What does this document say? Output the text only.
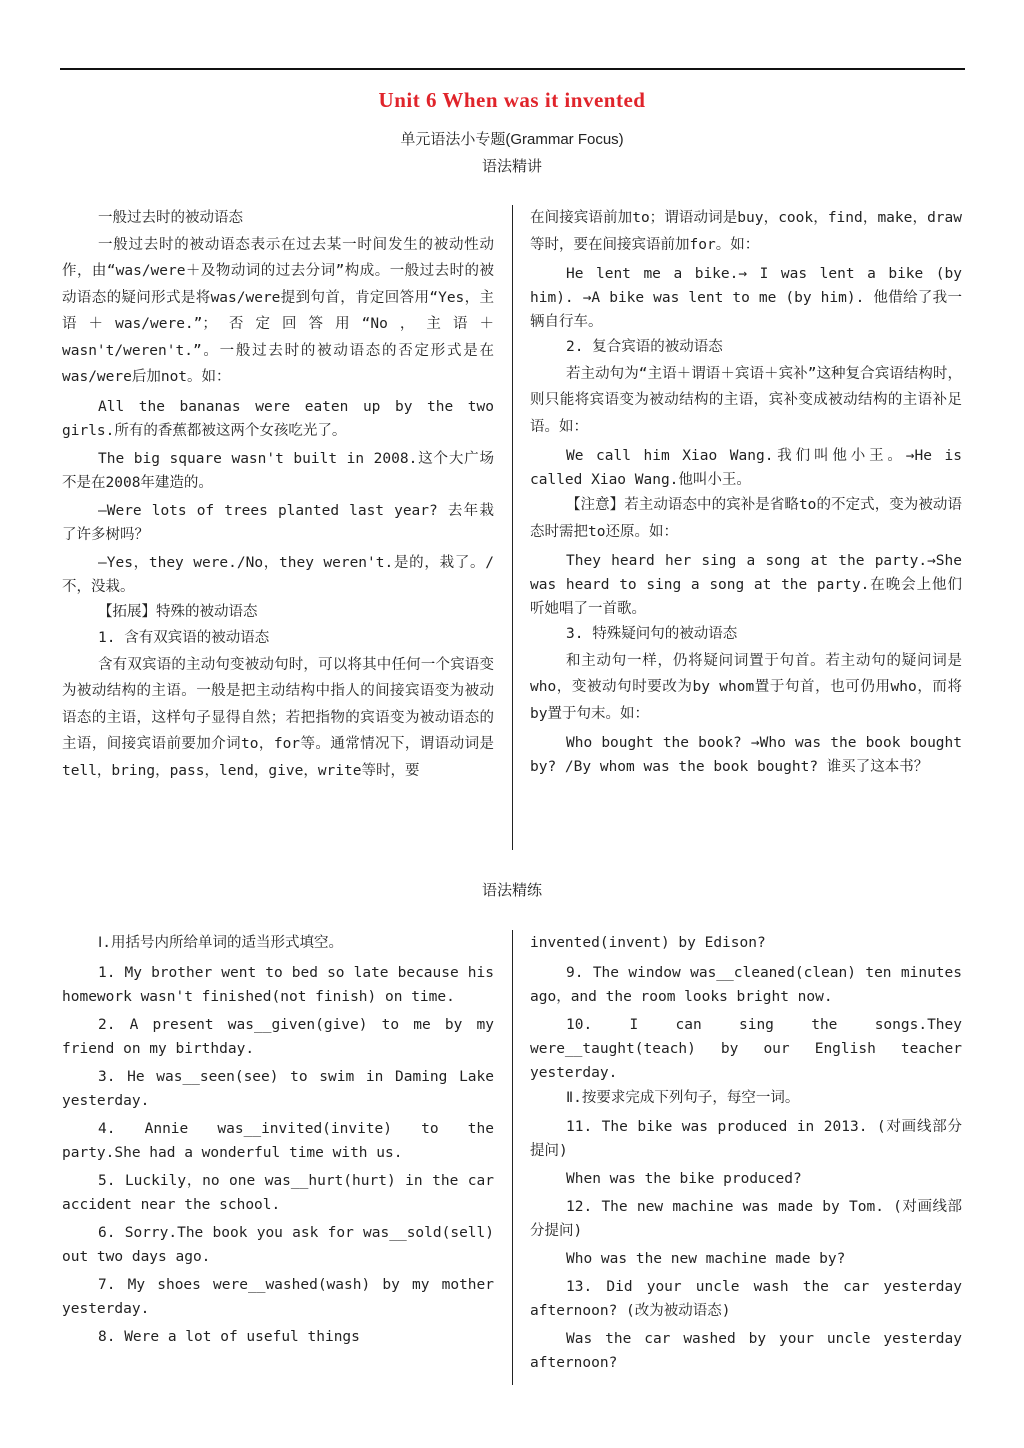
Unit 6 When was it invented
单元语法小专题(Grammar Focus)
语法精讲

一般过去时的被动语态

一般过去时的被动语态表示在过去某一时间发生的被动性动作，由“was/were＋及物动词的过去分词”构成。一般过去时的被动语态的疑问形式是将was/were提到句首，肯定回答用“Yes，主语＋was/were.”；否定回答用“No，主语＋wasn't/weren't.”。一般过去时的被动语态的否定形式是在was/were后加not。如：

All the bananas were eaten up by the two girls.所有的香蕉都被这两个女孩吃光了。

The big square wasn't built in 2008.这个大广场不是在2008年建造的。

—Were lots of trees planted last year? 去年栽了许多树吗？

—Yes，they were./No，they weren't.是的，栽了。/不，没栽。

【拓展】特殊的被动语态

1. 含有双宾语的被动语态

含有双宾语的主动句变被动句时，可以将其中任何一个宾语变为被动结构的主语。一般是把主动结构中指人的间接宾语变为被动语态的主语，这样句子显得自然；若把指物的宾语变为被动语态的主语，间接宾语前要加介词to，for等。通常情况下，谓语动词是tell，bring，pass，lend，give，write等时，要

在间接宾语前加to；谓语动词是buy，cook，find，make，draw等时，要在间接宾语前加for。如：

He lent me a bike.→ I was lent a bike (by him). →A bike was lent to me (by him). 他借给了我一辆自行车。

2. 复合宾语的被动语态

若主动句为“主语＋谓语＋宾语＋宾补”这种复合宾语结构时，则只能将宾语变为被动结构的主语，宾补变成被动结构的主语补足语。如：

We call him Xiao Wang.我们叫他小王。→He is called Xiao Wang.他叫小王。

【注意】若主动语态中的宾补是省略to的不定式，变为被动语态时需把to还原。如：

They heard her sing a song at the party.→She was heard to sing a song at the party.在晚会上他们听她唱了一首歌。

3. 特殊疑问句的被动语态

和主动句一样，仍将疑问词置于句首。若主动句的疑问词是who，变被动句时要改为by whom置于句首，也可仍用who，而将 by置于句末。如：

Who bought the book? →Who was the book bought by? /By whom was the book bought? 谁买了这本书？

语法精练

Ⅰ.用括号内所给单词的适当形式填空。

1. My brother went to bed so late because his homework wasn't finished(not finish) on time.

2. A present was__given(give) to me by my friend on my birthday.

3. He was__seen(see) to swim in Daming Lake yesterday.

4. Annie was__invited(invite) to the party.She had a wonderful time with us.

5. Luckily，no one was__hurt(hurt) in the car accident near the school.

6. Sorry.The book you ask for was__sold(sell) out two days ago.

7. My shoes were__washed(wash) by my mother yesterday.

8. Were a lot of useful things

invented(invent) by Edison?

9. The window was__cleaned(clean) ten minutes ago，and the room looks bright now.

10. I can sing the songs.They were__taught(teach) by our English teacher yesterday.

Ⅱ.按要求完成下列句子，每空一词。

11. The bike was produced in 2013. (对画线部分提问)

When was the bike produced?

12. The new machine was made by Tom. (对画线部分提问)

Who was the new machine made by?

13. Did your uncle wash the car yesterday afternoon? (改为被动语态)

Was the car washed by your uncle yesterday afternoon?
